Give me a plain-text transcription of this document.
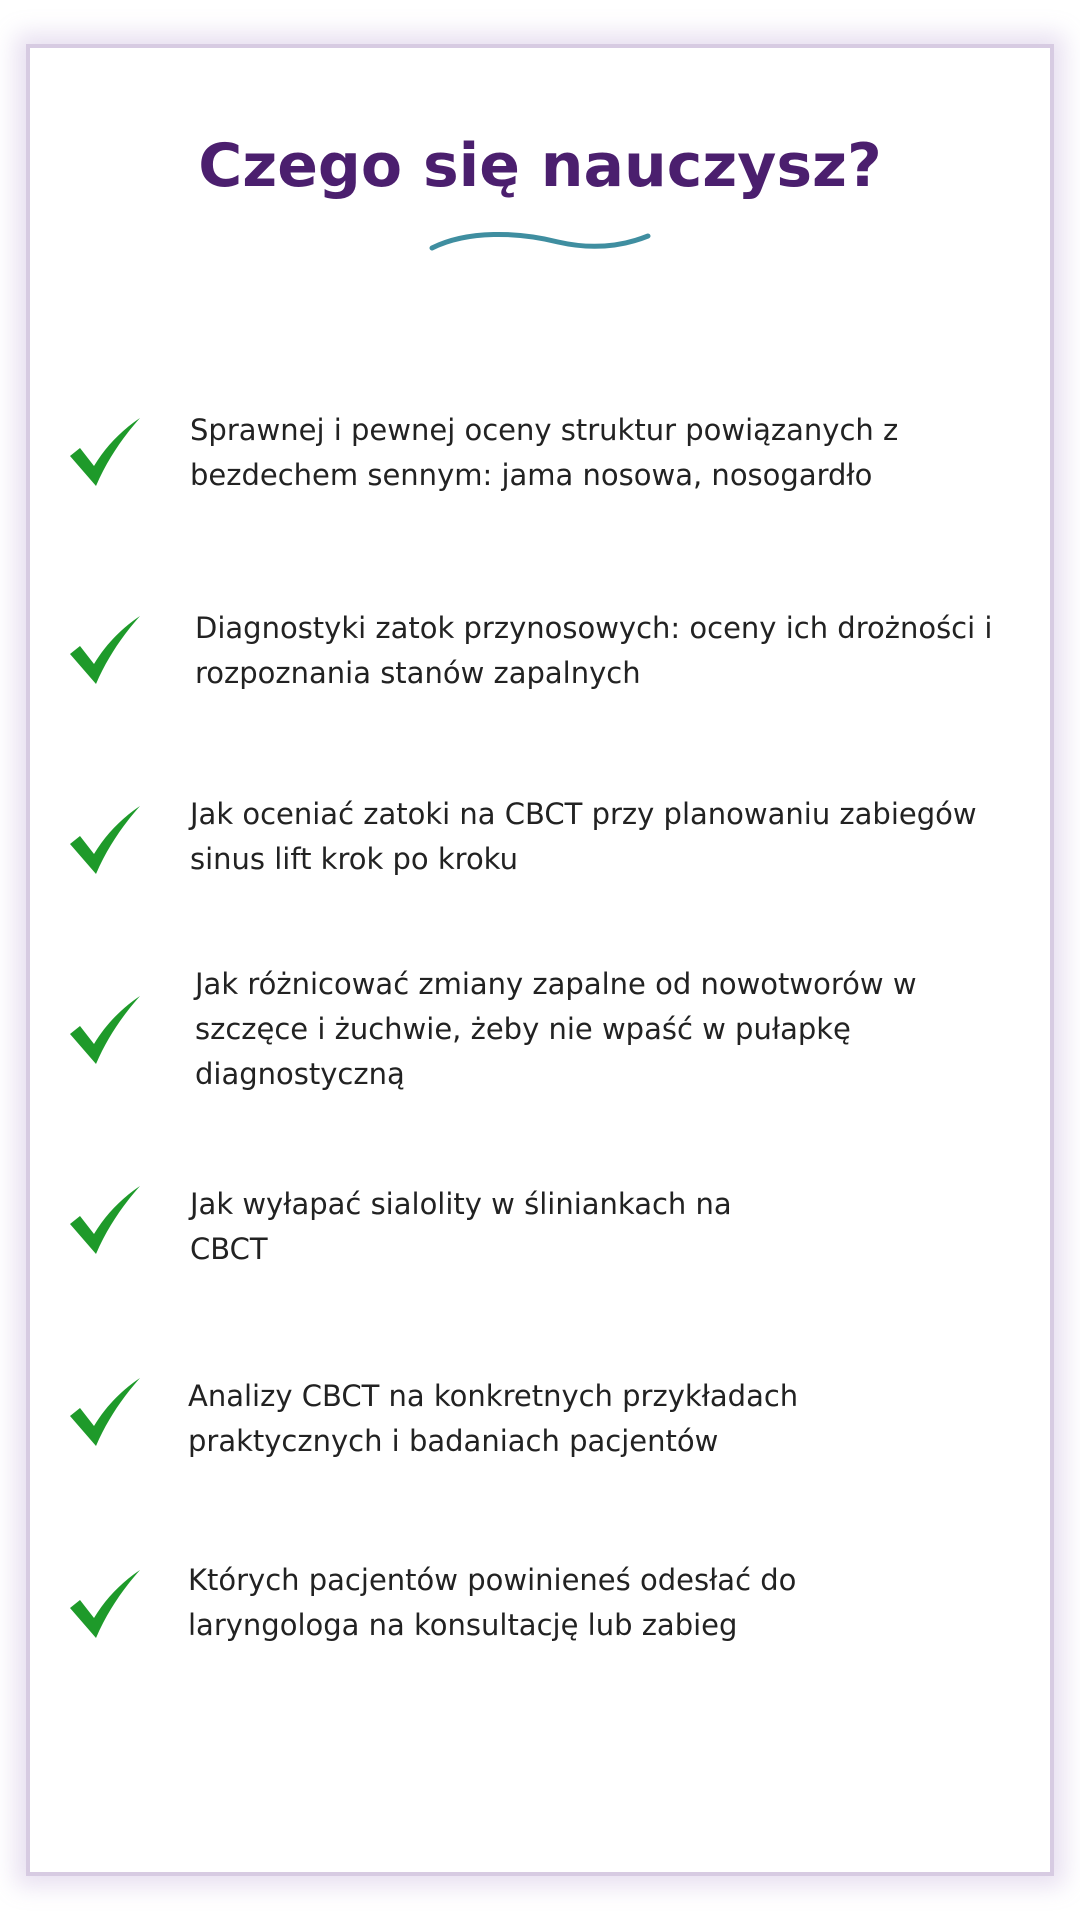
Czego się nauczysz?

Sprawnej i pewnej oceny struktur powiązanych z bezdechem sennym: jama nosowa, nosogardło

Diagnostyki zatok przynosowych: oceny ich drożności i rozpoznania stanów zapalnych

Jak oceniać zatoki na CBCT przy planowaniu zabiegów sinus lift krok po kroku

Jak różnicować zmiany zapalne od nowotworów w szczęce i żuchwie, żeby nie wpaść w pułapkę diagnostyczną

Jak wyłapać sialolity w śliniankach na CBCT

Analizy CBCT na konkretnych przykładach praktycznych i badaniach pacjentów

Których pacjentów powinieneś odesłać do laryngologa na konsultację lub zabieg
